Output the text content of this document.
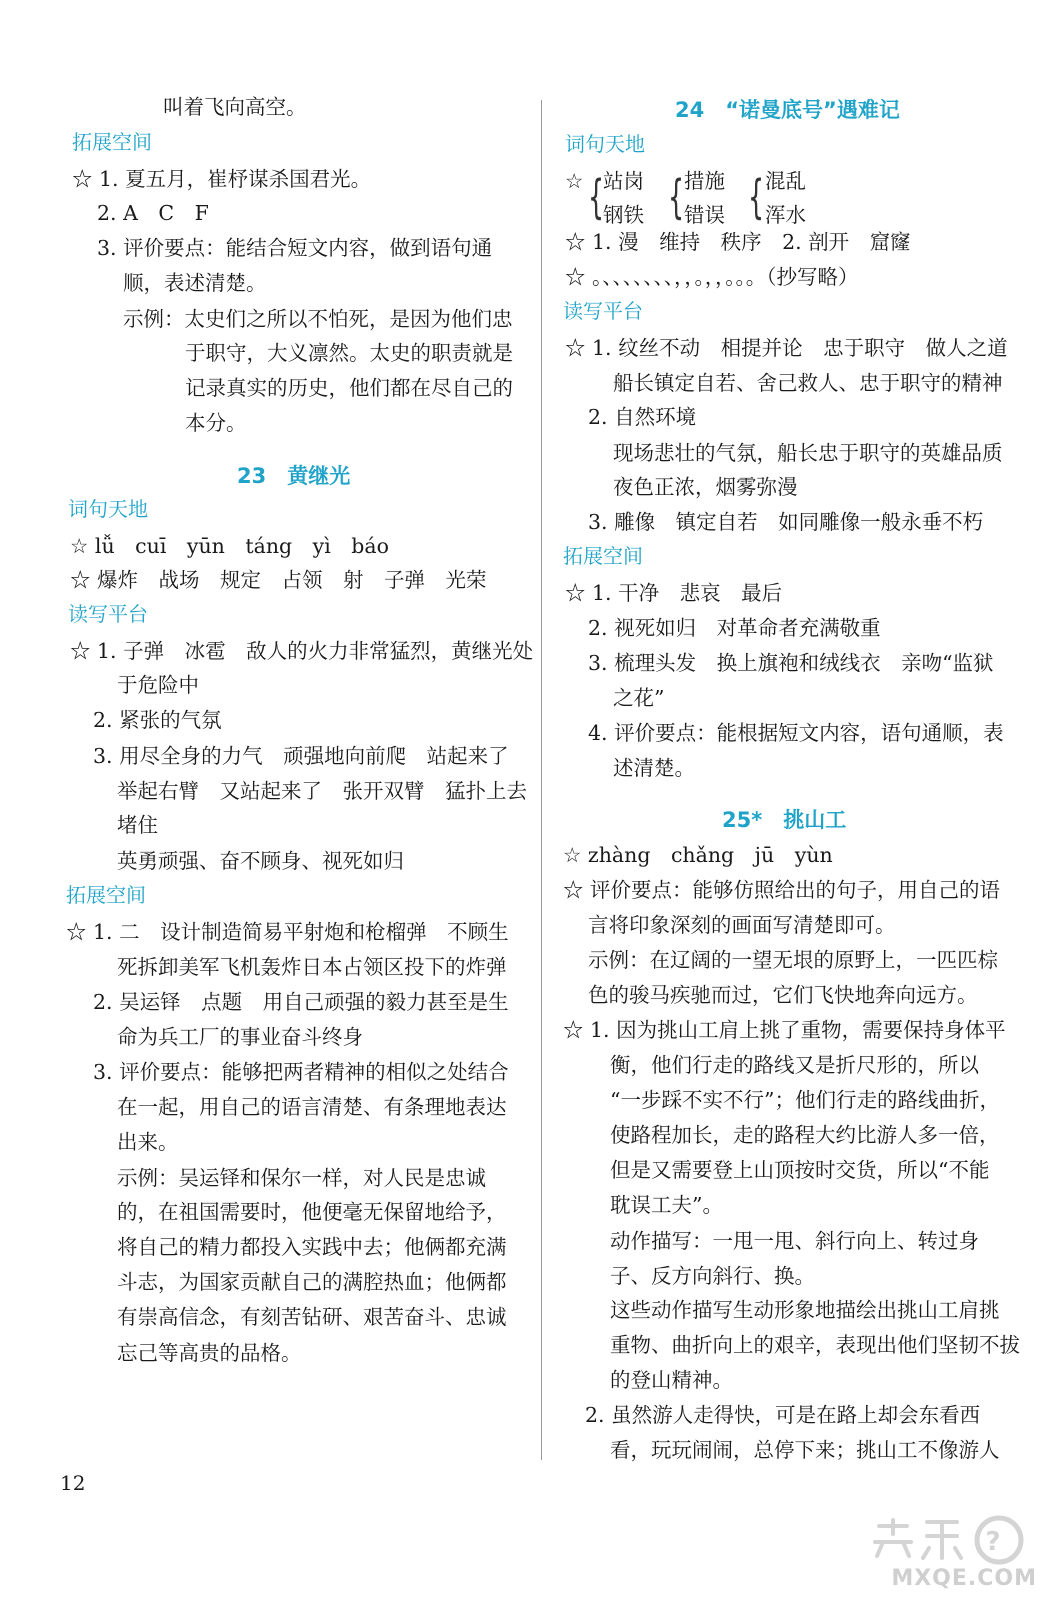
叫着飞向高空。
拓展空间
☆ 1. 夏五月，崔杼谋杀国君光。
2. A　C　F
3. 评价要点：能结合短文内容，做到语句通
顺，表述清楚。
示例：太史们之所以不怕死，是因为他们忠
于职守，大义凛然。太史的职责就是
记录真实的历史，他们都在尽自己的
本分。
23　黄继光
词句天地
☆ lǚ　cuī　yūn　táng　yì　báo
☆ 爆炸　战场　规定　占领　射　子弹　光荣
读写平台
☆ 1. 子弹　冰雹　敌人的火力非常猛烈，黄继光处
于危险中
2. 紧张的气氛
3. 用尽全身的力气　顽强地向前爬　站起来了
举起右臂　又站起来了　张开双臂　猛扑上去
堵住
英勇顽强、奋不顾身、视死如归
拓展空间
☆ 1. 二　设计制造简易平射炮和枪榴弹　不顾生
死拆卸美军飞机轰炸日本占领区投下的炸弹
2. 吴运铎　点题　用自己顽强的毅力甚至是生
命为兵工厂的事业奋斗终身
3. 评价要点：能够把两者精神的相似之处结合
在一起，用自己的语言清楚、有条理地表达
出来。
示例：吴运铎和保尔一样，对人民是忠诚
的，在祖国需要时，他便毫无保留地给予，
将自己的精力都投入实践中去；他俩都充满
斗志，为国家贡献自己的满腔热血；他俩都
有崇高信念，有刻苦钻研、艰苦奋斗、忠诚
忘己等高贵的品格。
24　“诺曼底号”遇难记
词句天地
☆ {
站岗
钢铁 { 措施
错误 { 混乱
浑水
☆ 1. 漫　维持　秩序　2. 剖开　窟窿
☆ 。、、、、、、、，，。，，。。。（抄写略）
读写平台
☆ 1. 纹丝不动　相提并论　忠于职守　做人之道
船长镇定自若、舍己救人、忠于职守的精神
2. 自然环境
现场悲壮的气氛，船长忠于职守的英雄品质
夜色正浓，烟雾弥漫
3. 雕像　镇定自若　如同雕像一般永垂不朽
拓展空间
☆ 1. 干净　悲哀　最后
2. 视死如归　对革命者充满敬重
3. 梳理头发　换上旗袍和绒线衣　亲吻“监狱
之花”
4. 评价要点：能根据短文内容，语句通顺，表
述清楚。
25*　挑山工
☆ zhàng　chǎng　jū　yùn
☆ 评价要点：能够仿照给出的句子，用自己的语
言将印象深刻的画面写清楚即可。
示例：在辽阔的一望无垠的原野上，一匹匹棕
色的骏马疾驰而过，它们飞快地奔向远方。
☆ 1. 因为挑山工肩上挑了重物，需要保持身体平
衡，他们行走的路线又是折尺形的，所以
“一步踩不实不行”；他们行走的路线曲折，
使路程加长，走的路程大约比游人多一倍，
但是又需要登上山顶按时交货，所以“不能
耽误工夫”。
动作描写：一甩一甩、斜行向上、转过身
子、反方向斜行、换。
这些动作描写生动形象地描绘出挑山工肩挑
重物、曲折向上的艰辛，表现出他们坚韧不拔
的登山精神。
2. 虽然游人走得快，可是在路上却会东看西
看，玩玩闹闹，总停下来；挑山工不像游人
12
?
MXQE.COM
